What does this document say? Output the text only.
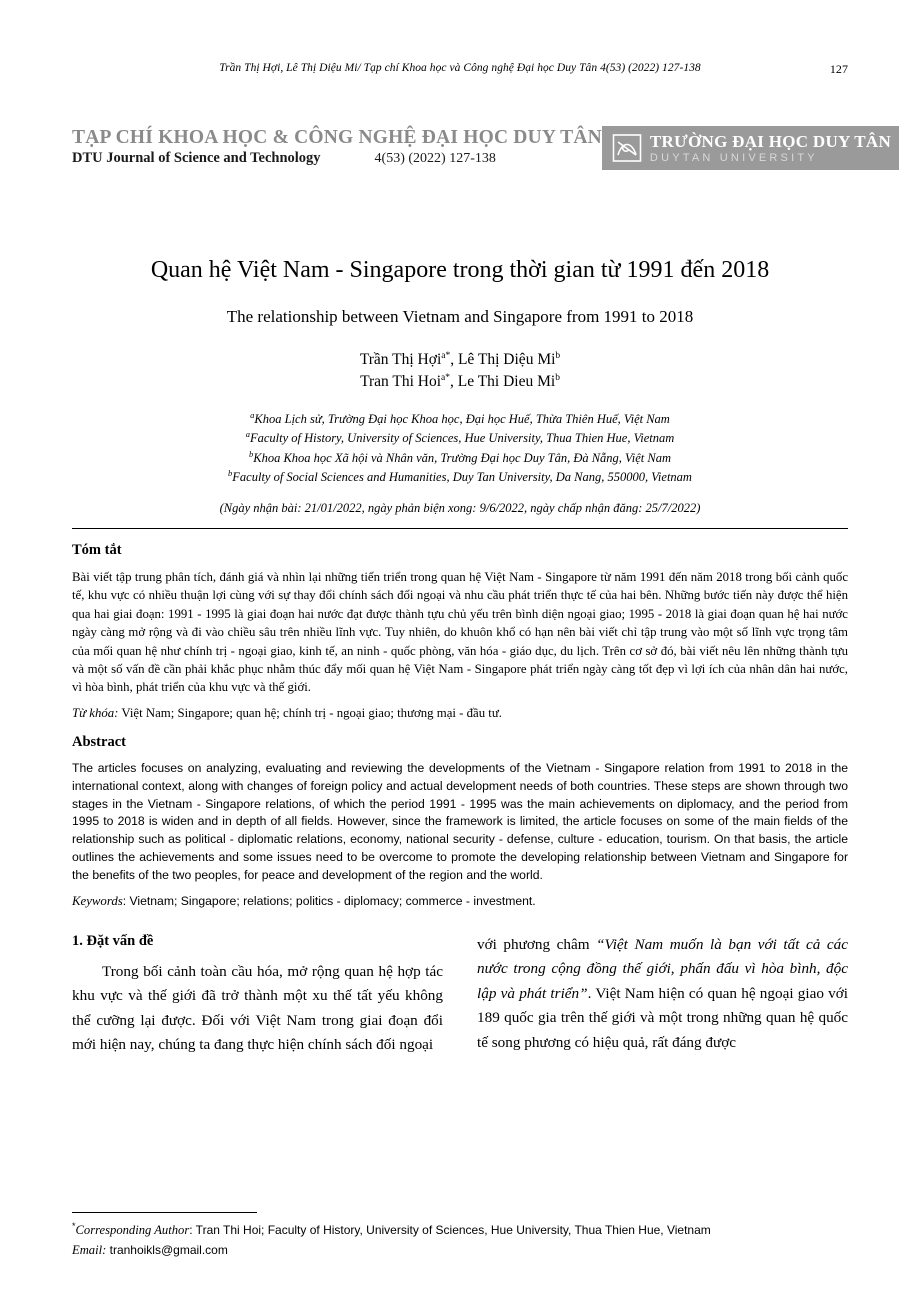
Trần Thị Hợi, Lê Thị Diệu Mi/ Tạp chí Khoa học và Công nghệ Đại học Duy Tân 4(53) (2022) 127-138	127
TẠP CHÍ KHOA HỌC & CÔNG NGHỆ ĐẠI HỌC DUY TÂN
DTU Journal of Science and Technology	4(53) (2022) 127-138
TRƯỜNG ĐẠI HỌC DUY TÂN
DUYTAN UNIVERSITY
Quan hệ Việt Nam - Singapore trong thời gian từ 1991 đến 2018
The relationship between Vietnam and Singapore from 1991 to 2018
Trần Thị Hợi$^{a*}$, Lê Thị Diệu Mi$^b$
Tran Thi Hoi$^{a*}$, Le Thi Dieu Mi$^b$
$^a$Khoa Lịch sử, Trường Đại học Khoa học, Đại học Huế, Thừa Thiên Huế, Việt Nam
$^a$Faculty of History, University of Sciences, Hue University, Thua Thien Hue, Vietnam
$^b$Khoa Khoa học Xã hội và Nhân văn, Trường Đại học Duy Tân, Đà Nẵng, Việt Nam
$^b$Faculty of Social Sciences and Humanities, Duy Tan University, Da Nang, 550000, Vietnam
(Ngày nhận bài: 21/01/2022, ngày phản biện xong: 9/6/2022, ngày chấp nhận đăng: 25/7/2022)
Tóm tắt
Bài viết tập trung phân tích, đánh giá và nhìn lại những tiến triển trong quan hệ Việt Nam - Singapore từ năm 1991 đến năm 2018 trong bối cảnh quốc tế, khu vực có nhiều thuận lợi cùng với sự thay đổi chính sách đối ngoại và nhu cầu phát triển thực tế của hai bên. Những bước tiến này được thể hiện qua hai giai đoạn: 1991 - 1995 là giai đoạn hai nước đạt được thành tựu chủ yếu trên bình diện ngoại giao; 1995 - 2018 là giai đoạn quan hệ hai nước ngày càng mở rộng và đi vào chiều sâu trên nhiều lĩnh vực. Tuy nhiên, do khuôn khổ có hạn nên bài viết chỉ tập trung vào một số lĩnh vực trọng tâm của mối quan hệ như chính trị - ngoại giao, kinh tế, an ninh - quốc phòng, văn hóa - giáo dục, du lịch. Trên cơ sở đó, bài viết nêu lên những thành tựu và một số vấn đề cần phải khắc phục nhằm thúc đẩy mối quan hệ Việt Nam - Singapore phát triển ngày càng tốt đẹp vì lợi ích của nhân dân hai nước, vì hòa bình, phát triển của khu vực và thế giới.
Từ khóa: Việt Nam; Singapore; quan hệ; chính trị - ngoại giao; thương mại - đầu tư.
Abstract
The articles focuses on analyzing, evaluating and reviewing the developments of the Vietnam - Singapore relation from 1991 to 2018 in the international context, along with changes of foreign policy and actual development needs of both countries. These steps are shown through two stages in the Vietnam - Singapore relations, of which the period 1991 - 1995 was the main achievements on diplomacy, and the period from 1995 to 2018 is widen and in depth of all fields. However, since the framework is limited, the article focuses on some of the main fields of the relationship such as political - diplomatic relations, economy, national security - defense, culture - education, tourism. On that basis, the article outlines the achievements and some issues need to be overcome to promote the developing relationship between Vietnam and Singapore for the benefits of the two peoples, for peace and development of the region and the world.
Keywords: Vietnam; Singapore; relations; politics - diplomacy; commerce - investment.
1. Đặt vấn đề

Trong bối cảnh toàn cầu hóa, mở rộng quan hệ hợp tác khu vực và thế giới đã trở thành một xu thế tất yếu không thể cưỡng lại được. Đối với Việt Nam trong giai đoạn đổi mới hiện nay, chúng ta đang thực hiện chính sách đối ngoại

với phương châm “Việt Nam muốn là bạn với tất cả các nước trong cộng đồng thế giới, phấn đấu vì hòa bình, độc lập và phát triển”. Việt Nam hiện có quan hệ ngoại giao với 189 quốc gia trên thế giới và một trong những quan hệ quốc tế song phương có hiệu quả, rất đáng được

*Corresponding Author: Tran Thi Hoi; Faculty of History, University of Sciences, Hue University, Thua Thien Hue, Vietnam
Email: tranhoikls@gmail.com
